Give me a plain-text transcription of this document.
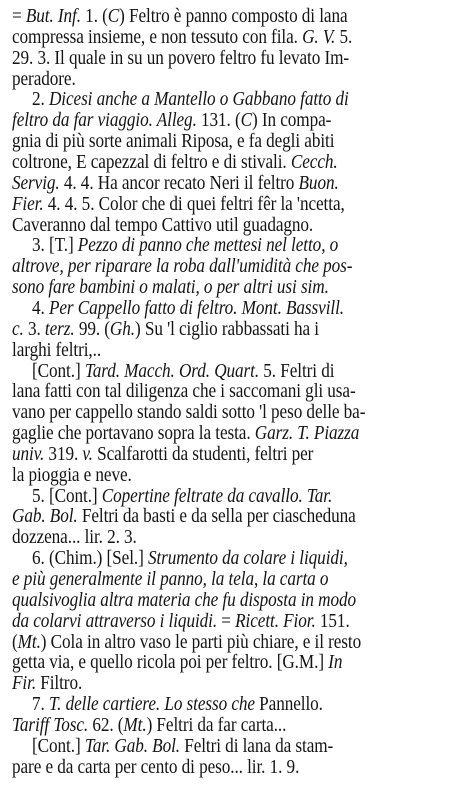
= But. Inf. 1. (C) Feltro è panno composto di lana
compressa insieme, e non tessuto con fila. G. V. 5.
29. 3. Il quale in su un povero feltro fu levato Im-
peradore.
2. Dicesi anche a Mantello o Gabbano fatto di
feltro da far viaggio. Alleg. 131. (C) In compa-
gnia di più sorte animali Riposa, e fa degli abiti
coltrone, E capezzal di feltro e di stivali. Cecch.
Servig. 4. 4. Ha ancor recato Neri il feltro Buon.
Fier. 4. 4. 5. Color che di quei feltri fêr la 'ncetta,
Caveranno dal tempo Cattivo util guadagno.
3. [T.] Pezzo di panno che mettesi nel letto, o
altrove, per riparare la roba dall'umidità che pos-
sono fare bambini o malati, o per altri usi sim.
4. Per Cappello fatto di feltro. Mont. Bassvill.
c. 3. terz. 99. (Gh.) Su 'l ciglio rabbassati ha i
larghi feltri,..
[Cont.] Tard. Macch. Ord. Quart. 5. Feltri di
lana fatti con tal diligenza che i saccomani gli usa-
vano per cappello stando saldi sotto 'l peso delle ba-
gaglie che portavano sopra la testa. Garz. T. Piazza
univ. 319. v. Scalfarotti da studenti, feltri per
la pioggia e neve.
5. [Cont.] Copertine feltrate da cavallo. Tar.
Gab. Bol. Feltri da basti e da sella per ciascheduna
dozzena... lir. 2. 3.
6. (Chim.) [Sel.] Strumento da colare i liquidi,
e più generalmente il panno, la tela, la carta o
qualsivoglia altra materia che fu disposta in modo
da colarvi attraverso i liquidi. = Ricett. Fior. 151.
(Mt.) Cola in altro vaso le parti più chiare, e il resto
getta via, e quello ricola poi per feltro. [G.M.] In
Fir. Filtro.
7. T. delle cartiere. Lo stesso che Pannello.
Tariff Tosc. 62. (Mt.) Feltri da far carta...
[Cont.] Tar. Gab. Bol. Feltri di lana da stam-
pare e da carta per cento di peso... lir. 1. 9.
